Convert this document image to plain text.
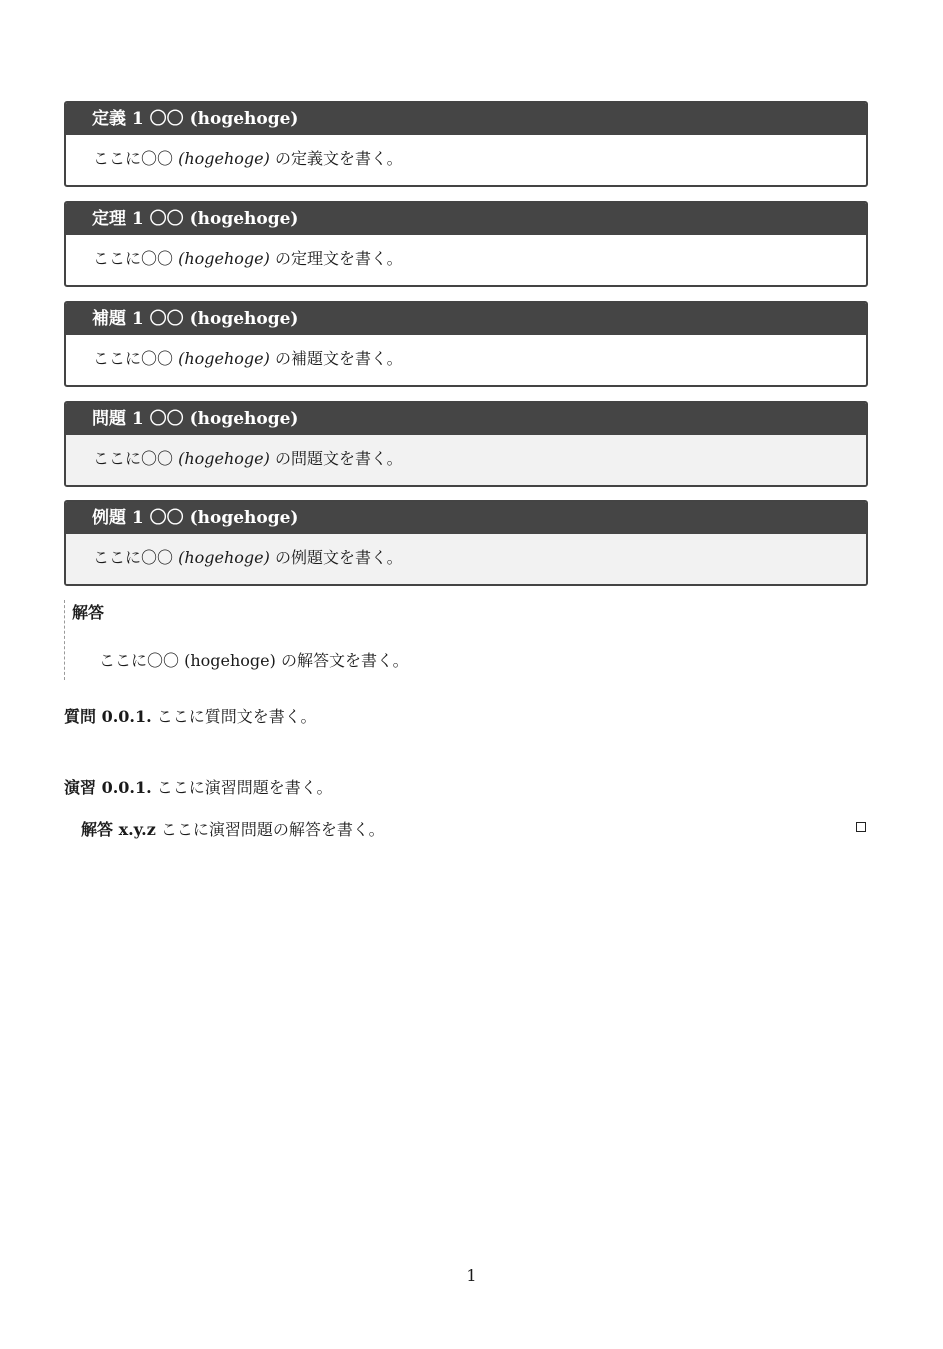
定義 1 〇〇 (hogehoge)
ここに〇〇 (hogehoge) の定義文を書く。
定理 1 〇〇 (hogehoge)
ここに〇〇 (hogehoge) の定理文を書く。
補題 1 〇〇 (hogehoge)
ここに〇〇 (hogehoge) の補題文を書く。
問題 1 〇〇 (hogehoge)
ここに〇〇 (hogehoge) の問題文を書く。
例題 1 〇〇 (hogehoge)
ここに〇〇 (hogehoge) の例題文を書く。
解答
ここに〇〇 (hogehoge) の解答文を書く。
質問 0.0.1. ここに質問文を書く。
演習 0.0.1. ここに演習問題を書く。
解答 x.y.z ここに演習問題の解答を書く。
1
